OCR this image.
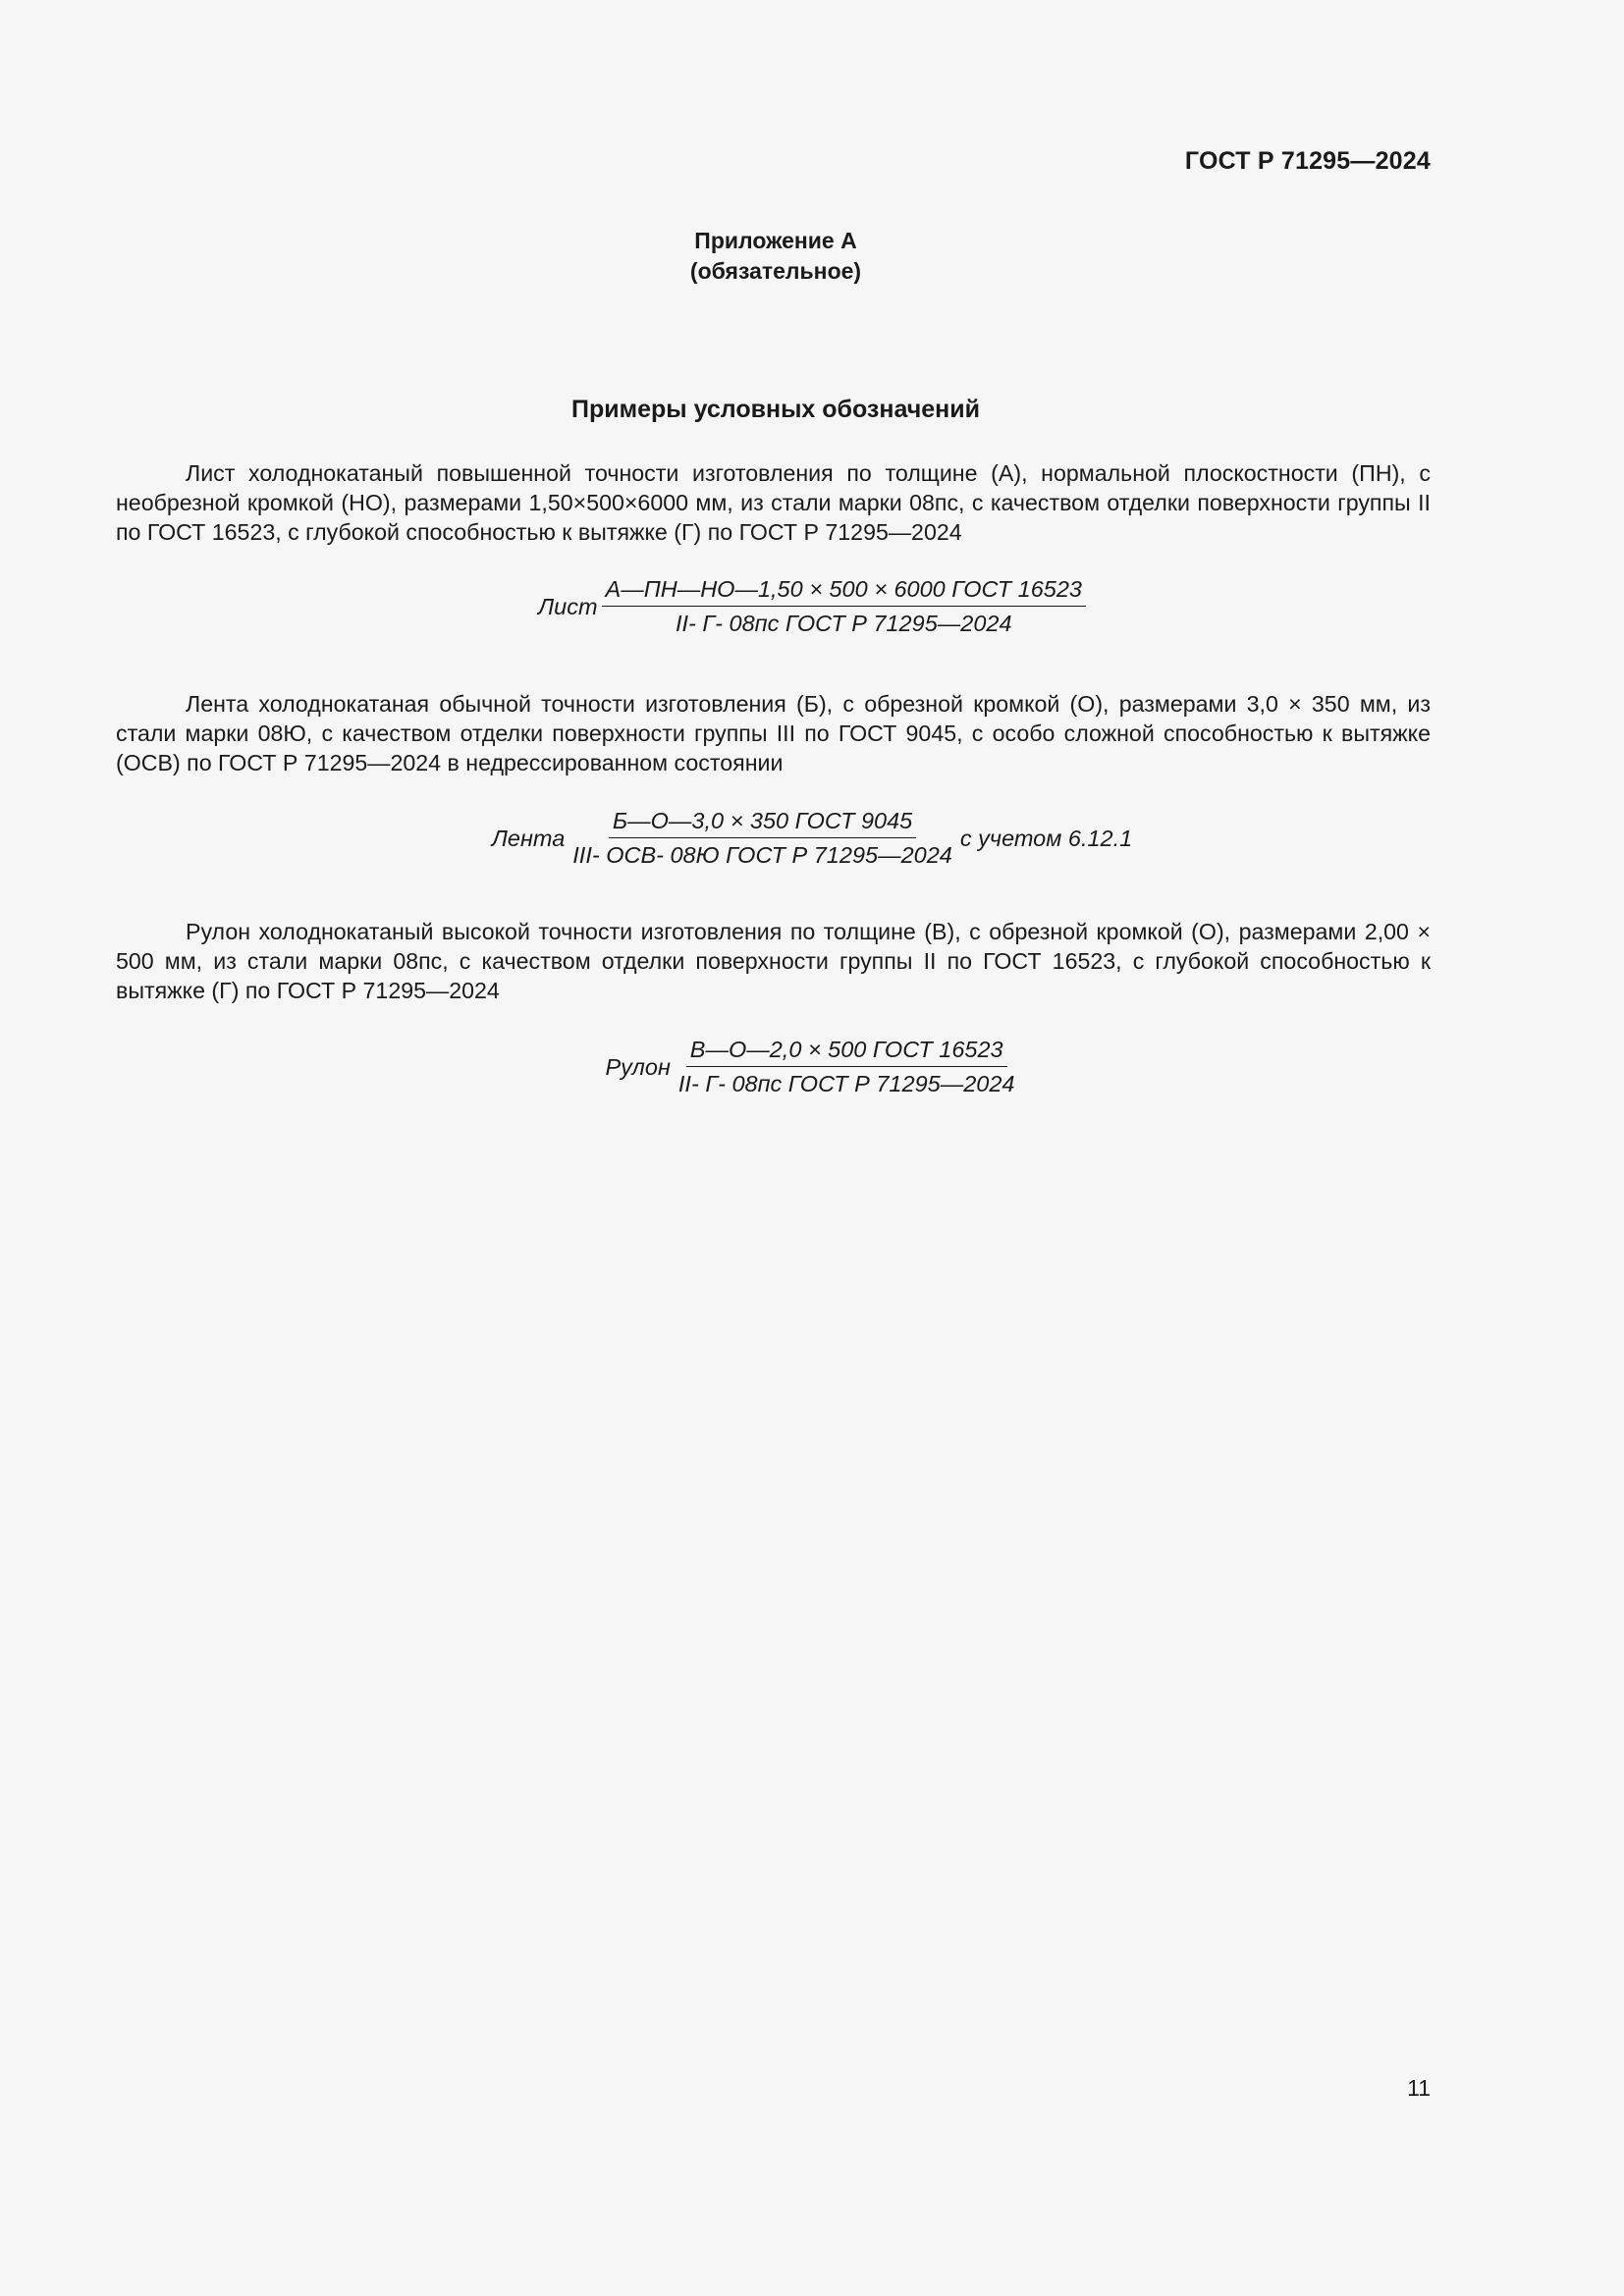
ГОСТ Р 71295—2024
Приложение А
(обязательное)
Примеры условных обозначений
Лист холоднокатаный повышенной точности изготовления по толщине (А), нормальной плоскостности (ПН), с необрезной кромкой (НО), размерами 1,50×500×6000 мм, из стали марки 08пс, с качеством отделки поверхности группы II по ГОСТ 16523, с глубокой способностью к вытяжке (Г) по ГОСТ Р 71295—2024
Лист $\frac{\text{А—ПН—НО—1,50 × 500 × 6000 ГОСТ 16523}}{\text{II- Г- 08пс ГОСТ Р 71295—2024}}$
Лента холоднокатаная обычной точности изготовления (Б), с обрезной кромкой (О), размерами 3,0 × 350 мм, из стали марки 08Ю, с качеством отделки поверхности группы III по ГОСТ 9045, с особо сложной способностью к вытяжке (ОСВ) по ГОСТ Р 71295—2024 в недрессированном состоянии
Лента $\frac{\text{Б—О—3,0 × 350 ГОСТ 9045}}{\text{III- ОСВ- 08Ю ГОСТ Р 71295—2024}}$ с учетом 6.12.1
Рулон холоднокатаный высокой точности изготовления по толщине (В), с обрезной кромкой (О), размерами 2,00 × 500 мм, из стали марки 08пс, с качеством отделки поверхности группы II по ГОСТ 16523, с глубокой способностью к вытяжке (Г) по ГОСТ Р 71295—2024
Рулон $\frac{\text{В—О—2,0 × 500 ГОСТ 16523}}{\text{II- Г- 08пс ГОСТ Р 71295—2024}}$
11
